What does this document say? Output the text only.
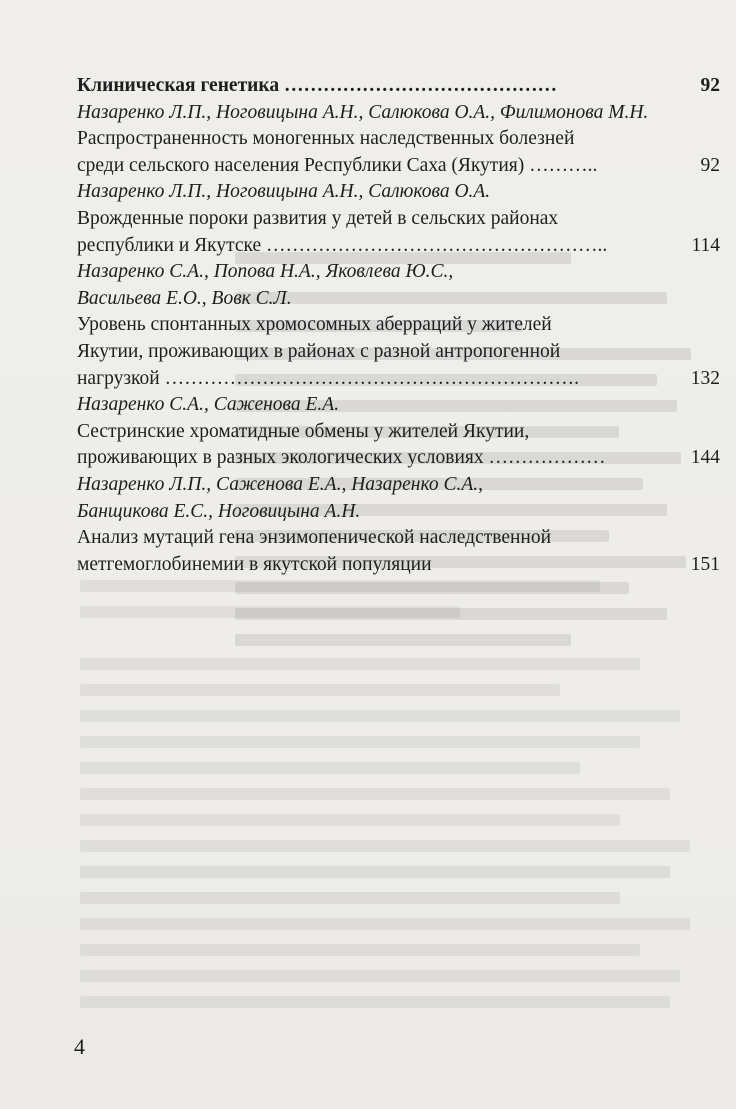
Клиническая генетика ……………………………………	92
Назаренко Л.П., Ноговицына А.Н., Салюкова О.А., Филимонова М.Н.
Распространенность моногенных наследственных болезней
среди сельского населения Республики Саха (Якутия) ………..	92
Назаренко Л.П., Ноговицына А.Н., Салюкова О.А.
Врожденные пороки развития у детей в сельских районах
республики и Якутске ……………………………………………..	114
Назаренко С.А., Попова Н.А., Яковлева Ю.С.,
Васильева Е.О., Вовк С.Л.
Уровень спонтанных хромосомных аберраций у жителей
Якутии, проживающих в районах с разной антропогенной
нагрузкой ……………………………………………………….	132
Назаренко С.А., Саженова Е.А.
Сестринские хроматидные обмены у жителей Якутии,
проживающих в разных экологических условиях ………………	144
Назаренко Л.П., Саженова Е.А., Назаренко С.А.,
Банщикова Е.С., Ноговицына А.Н.
Анализ мутаций гена энзимопенической наследственной
метгемоглобинемии в якутской популяции	151
4
